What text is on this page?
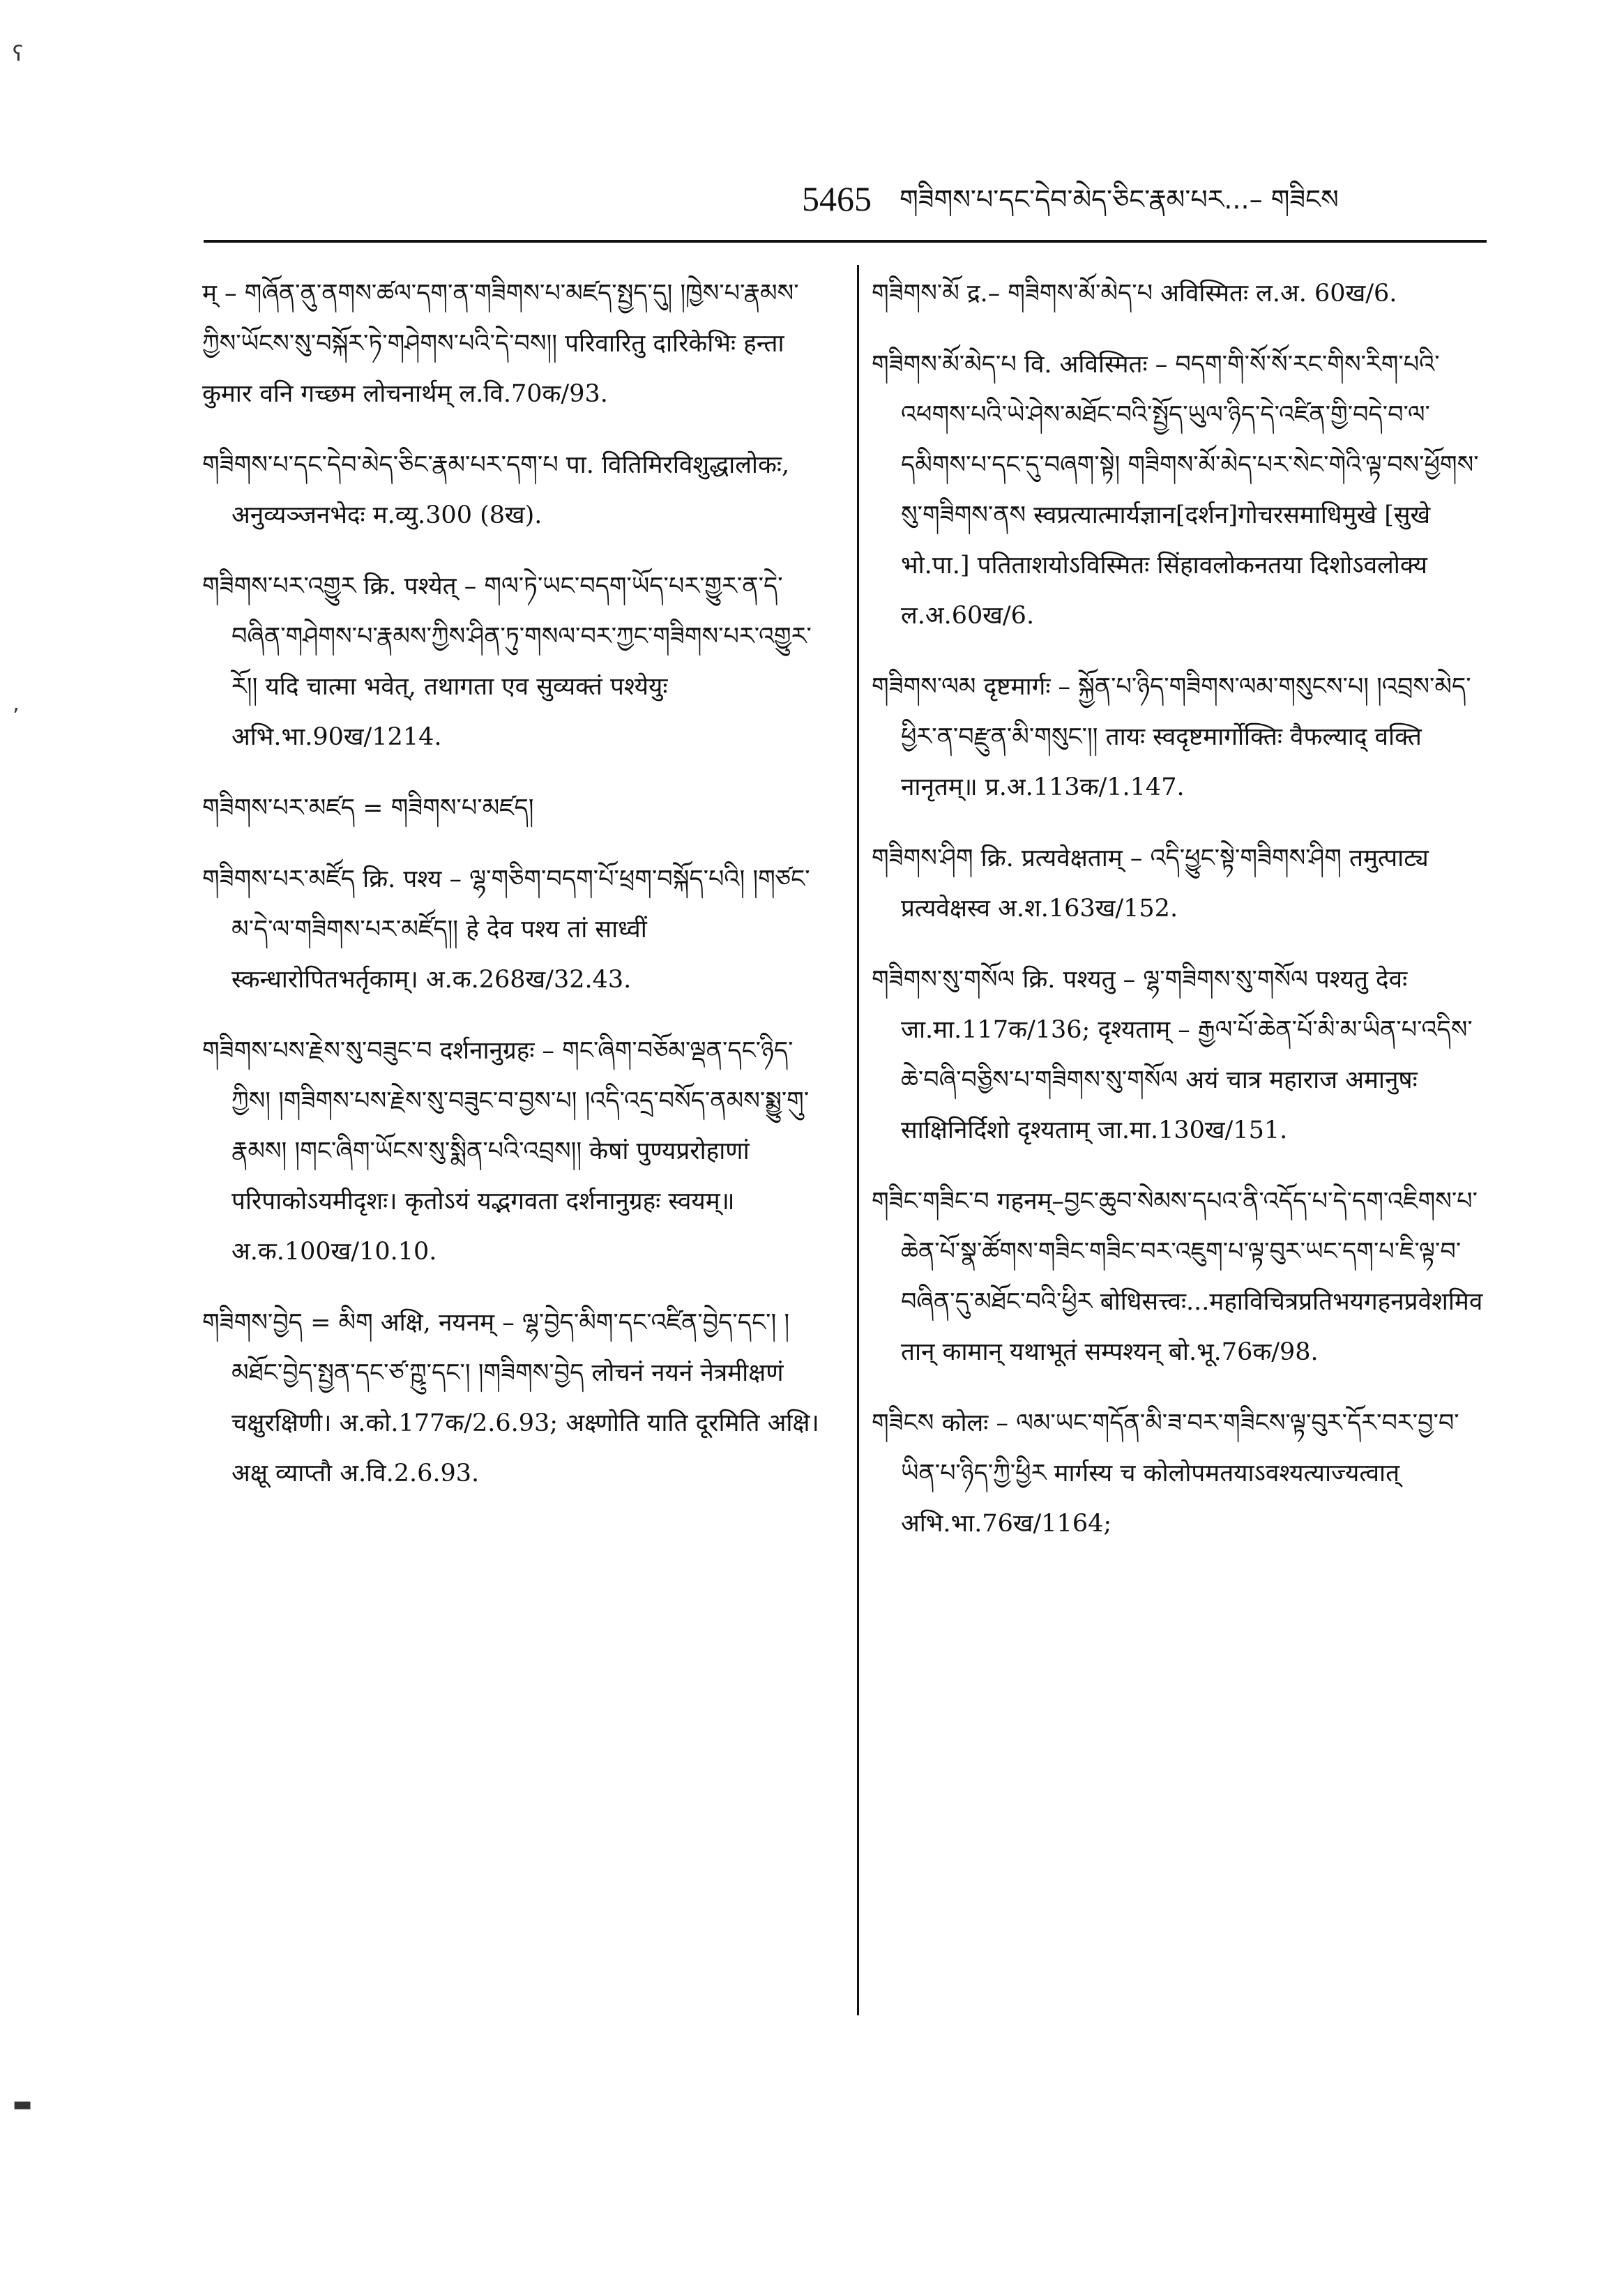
5465 གཟིགས་པ་དང་དེབ་མེད་ཅིང་རྣམ་པར...– གཟིངས
ʕ
ʼ
▬
म् – གཞོན་ནུ་ནགས་ཚལ་དག་ན་གཟིགས་པ་མཛད་སྤྱད་དུ། །ཁྱེས་པ་རྣམས་ཀྱིས་ཡོངས་སུ་བསྐོར་ཏེ་གཤེགས་པའི་དེ་བས།། परिवारितु दारिकेभिः हन्ता कुमार वनि गच्छम लोचनार्थम् ल.वि.70क/93.
གཟིགས་པ་དང་དེབ་མེད་ཅིང་རྣམ་པར་དག་པ पा. वितिमिरविशुद्धालोकः, अनुव्यञ्जनभेदः म.व्यु.300 (8ख).
གཟིགས་པར་འགྱུར क्रि. पश्येत् – གལ་ཏེ་ཡང་བདག་ཡོད་པར་གྱུར་ན་དེ་བཞིན་གཤེགས་པ་རྣམས་ཀྱིས་ཤིན་ཏུ་གསལ་བར་ཀྱང་གཟིགས་པར་འགྱུར་རོ།། यदि चात्मा भवेत्, तथागता एव सुव्यक्तं पश्येयुः अभि.भा.90ख/1214.
གཟིགས་པར་མཛད = གཟིགས་པ་མཛད།
གཟིགས་པར་མཛོད क्रि. पश्य – ལྷ་གཅིག་བདག་པོ་ཕྲག་བསྐོད་པའི། །གཙང་མ་དེ་ལ་གཟིགས་པར་མཛོད།། हे देव पश्य तां साध्वीं स्कन्धारोपितभर्तृकाम्। अ.क.268ख/32.43.
གཟིགས་པས་རྗེས་སུ་བཟུང་བ दर्शनानुग्रहः – གང་ཞིག་བཅོམ་ལྡན་དང་ཉིད་ཀྱིས། །གཟིགས་པས་རྗེས་སུ་བཟུང་བ་བྱས་པ། །འདི་འདྲ་བསོད་ནམས་སྨྱུ་གུ་རྣམས། །གང་ཞིག་ཡོངས་སུ་སྨིན་པའི་འབྲས།། केषां पुण्यप्ररोहाणां परिपाकोऽयमीदृशः। कृतोऽयं यद्भगवता दर्शनानुग्रहः स्वयम्॥ अ.क.100ख/10.10.
གཟིགས་བྱེད = མིག अक्षि, नयनम् – ལྷ་བྱེད་མིག་དང་འཛིན་བྱེད་དང་། །མཐོང་བྱེད་སྤྱན་དང་ཙ་ཀྵུ་དང་། །གཟིགས་བྱེད लोचनं नयनं नेत्रमीक्षणं चक्षुरक्षिणी। अ.को.177क/2.6.93; अक्ष्णोति याति दूरमिति अक्षि। अक्षू व्याप्तौ अ.वि.2.6.93.
གཟིགས་མོ द्र.– གཟིགས་མོ་མེད་པ अविस्मितः ल.अ. 60ख/6.
གཟིགས་མོ་མེད་པ वि. अविस्मितः – བདག་གི་སོ་སོ་རང་གིས་རིག་པའི་འཕགས་པའི་ཡེ་ཤེས་མཐོང་བའི་སྤྱོད་ཡུལ་ཉིད་དེ་འཛིན་གྱི་བདེ་བ་ལ་དམིགས་པ་དང་དུ་བཞག་སྟེ། གཟིགས་མོ་མེད་པར་སེང་གེའི་ལྟ་བས་ཕྱོགས་སུ་གཟིགས་ནས स्वप्रत्यात्मार्यज्ञान[दर्शन]गोचरसमाधिमुखे [सुखे भो.पा.] पतिताशयोऽविस्मितः सिंहावलोकनतया दिशोऽवलोक्य ल.अ.60ख/6.
གཟིགས་ལམ दृष्टमार्गः – སྐྱོན་པ་ཉིད་གཟིགས་ལམ་གསུངས་པ། །འབྲས་མེད་ཕྱིར་ན་བརྫུན་མི་གསུང་།། तायः स्वदृष्टमार्गोक्तिः वैफल्याद् वक्ति नानृतम्॥ प्र.अ.113क/1.147.
གཟིགས་ཤིག क्रि. प्रत्यवेक्षताम् – འདི་ཕྱུང་སྟེ་གཟིགས་ཤིག तमुत्पाट्य प्रत्यवेक्षस्व अ.श.163ख/152.
གཟིགས་སུ་གསོལ क्रि. पश्यतु – ལྷ་གཟིགས་སུ་གསོལ पश्यतु देवः जा.मा.117क/136; दृश्यताम् – རྒྱལ་པོ་ཆེན་པོ་མི་མ་ཡིན་པ་འདིས་ཆེ་བཞི་བཅྱིས་པ་གཟིགས་སུ་གསོལ अयं चात्र महाराज अमानुषः साक्षिनिर्दिशो दृश्यताम् जा.मा.130ख/151.
གཟིང་གཟིང་བ गहनम्–བྱང་ཆུབ་སེམས་དཔའ་ནི་འདོད་པ་དེ་དག་འཇིགས་པ་ཆེན་པོ་སྣ་ཚོགས་གཟིང་གཟིང་བར་འཇུག་པ་ལྟ་བུར་ཡང་དག་པ་ཇི་ལྟ་བ་བཞིན་དུ་མཐོང་བའི་ཕྱིར बोधिसत्त्वः...महाविचित्रप्रतिभयगहनप्रवेशमिव तान् कामान् यथाभूतं सम्पश्यन् बो.भू.76क/98.
གཟིངས कोलः – ལམ་ཡང་གདོན་མི་ཟ་བར་གཟིངས་ལྟ་བུར་དོར་བར་བྱ་བ་ཡིན་པ་ཉིད་ཀྱི་ཕྱིར मार्गस्य च कोलोपमतयाऽवश्यत्याज्यत्वात् अभि.भा.76ख/1164;
